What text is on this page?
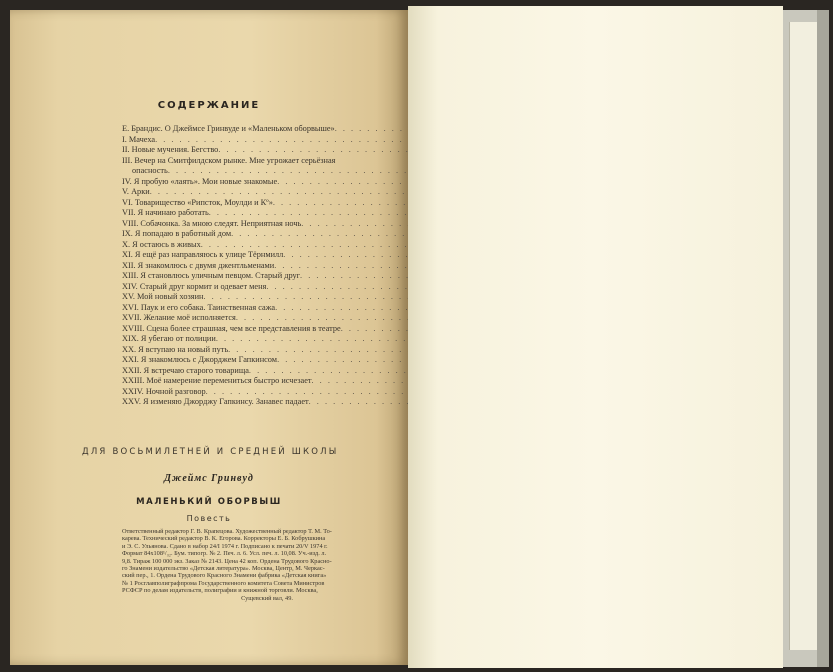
СОДЕРЖАНИЕ
Е. Брандис. О Джеймсе Гринвуде и «Маленьком оборвыше»
. . .
I. Мачеха
. . .
II. Новые мучения. Бегство
. . .
III. Вечер на Смитфилдском рынке. Мне угрожает серьёзная
опасность
. . .
IV. Я пробую «лаять». Мои новые знакомые
. . .
V. Арки
. . .
VI. Товарищество «Рипсток, Моулди и Кº»
. . .
VII. Я начинаю работать
. . .
VIII. Собачонка. За мною следят. Неприятная ночь
. . .
IX. Я попадаю в работный дом
. . .
X. Я остаюсь в живых
. . .
XI. Я ещё раз направляюсь к улице Тёрнмилл
. . .
XII. Я знакомлюсь с двумя джентльменами
. . .
XIII. Я становлюсь уличным певцом. Старый друг
. . .
XIV. Старый друг кормит и одевает меня
. . .
XV. Мой новый хозяин
. . .
XVI. Паук и его собака. Таинственная сажа
. . .
XVII. Желание моё исполняется
. . .
XVIII. Сцена более страшная, чем все представления в театре
. . .
XIX. Я убегаю от полиции
. . .
XX. Я вступаю на новый путь
. . .
XXI. Я знакомлюсь с Джорджем Гапкинсом
. . .
XXII. Я встречаю старого товарища
. . .
XXIII. Моё намерение перемениться быстро исчезает
. . .
XXIV. Ночной разговор
. . .
XXV. Я изменяю Джорджу Гапкинсу. Занавес падает
. . .
ДЛЯ ВОСЬМИЛЕТНЕЙ И СРЕДНЕЙ ШКОЛЫ
Джеймс Гринвуд
МАЛЕНЬКИЙ ОБОРВЫШ
Повесть
Ответственный редактор Г. В. Крапецова. Художественный редактор Т. М. То-
карева. Технический редактор В. К. Егорова. Корректоры Е. Б. Кобрушкина
и Э. С. Ульянова. Сдано в набор 24/I 1974 г. Подписано к печати 20/V 1974 г.
Формат 84x108¹/₃₂. Бум. типогр. № 2. Печ. л. 6. Усл. печ. л. 10,08. Уч.-изд. л.
9,8. Тираж 100 000 экз. Заказ № 2143. Цена 42 коп. Ордена Трудового Красно-
го Знамени издательство «Детская литература». Москва, Центр, М. Черкас-
ский пер., 1. Ордена Трудового Красного Знамени фабрика «Детская книга»
№ 1 Росглавполиграфпрома Государственного комитета Совета Министров
РСФСР по делам издательств, полиграфии и книжной торговли. Москва,
Сущевский вал, 49.
